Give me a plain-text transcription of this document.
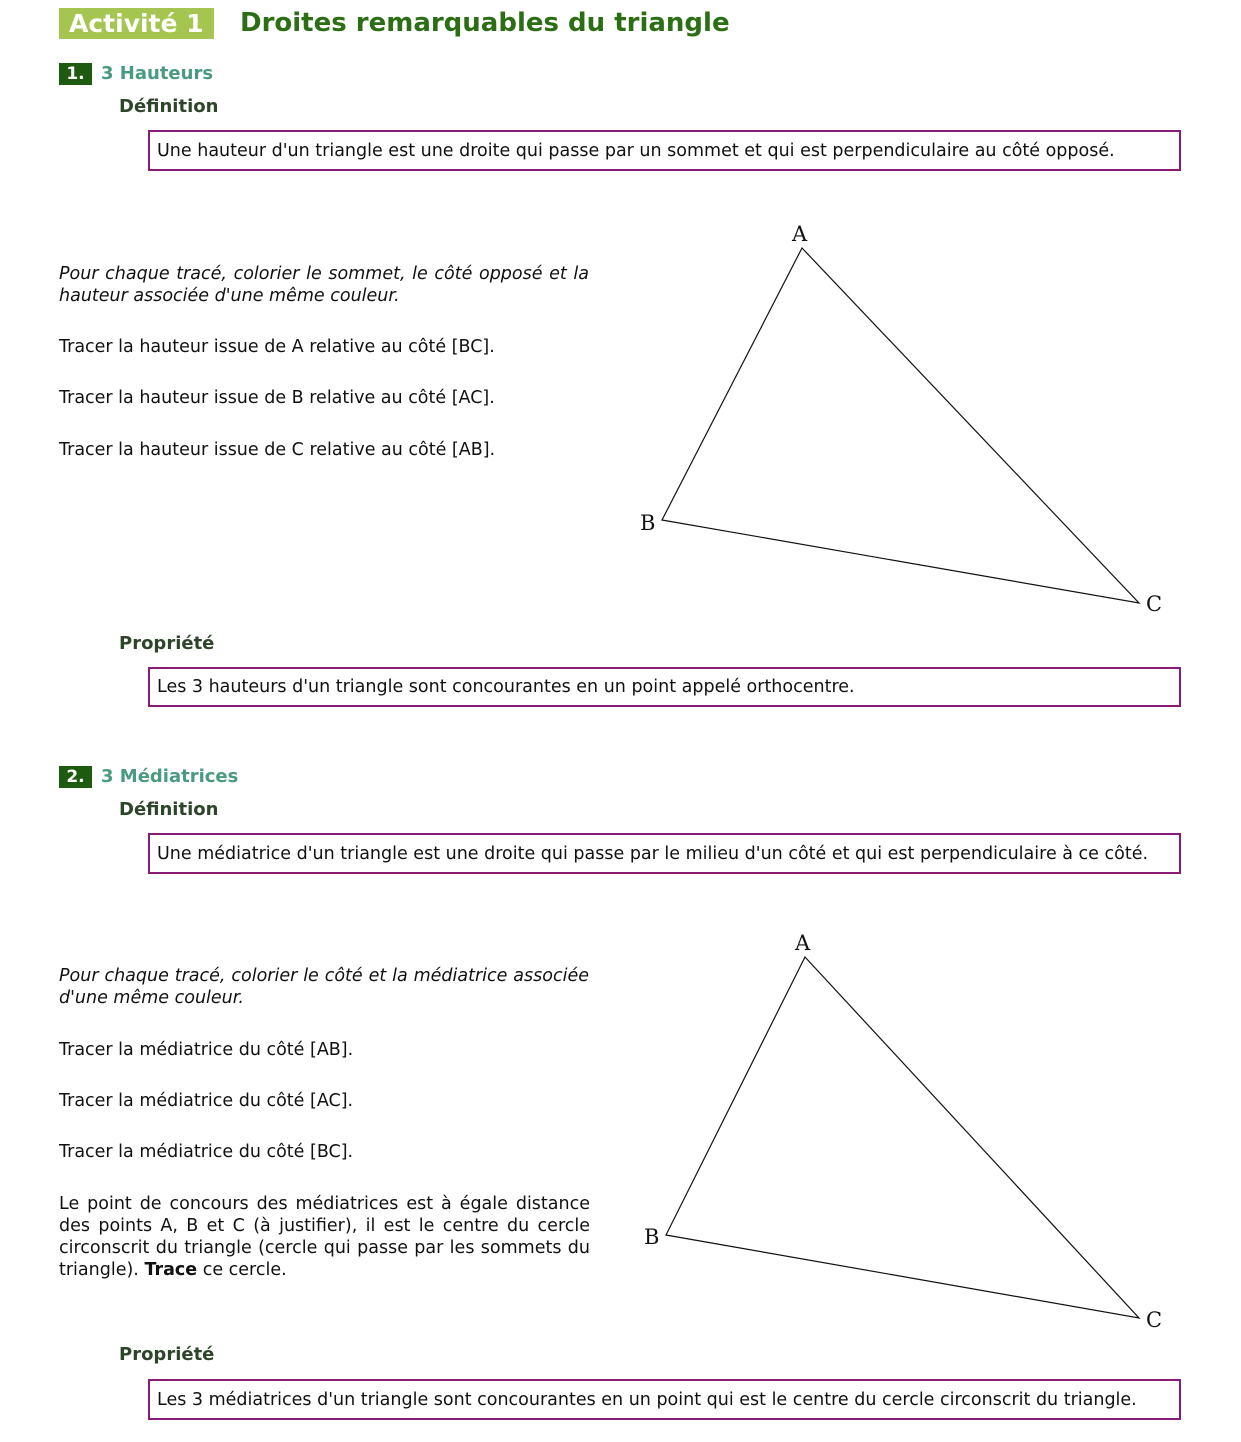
Activité 1	Droites remarquables du triangle
1. 3 Hauteurs
Définition
Une hauteur d'un triangle est une droite qui passe par un sommet et qui est perpendiculaire au côté opposé.
Pour chaque tracé, colorier le sommet, le côté opposé et la hauteur associée d'une même couleur.
Tracer la hauteur issue de A relative au côté [BC].
Tracer la hauteur issue de B relative au côté [AC].
Tracer la hauteur issue de C relative au côté [AB].
Propriété
Les 3 hauteurs d'un triangle sont concourantes en un point appelé orthocentre.
2. 3 Médiatrices
Définition
Une médiatrice d'un triangle est une droite qui passe par le milieu d'un côté et qui est perpendiculaire à ce côté.
Pour chaque tracé, colorier le côté et la médiatrice associée d'une même couleur.
Tracer la médiatrice du côté [AB].
Tracer la médiatrice du côté [AC].
Tracer la médiatrice du côté [BC].
Le point de concours des médiatrices est à égale distance des points A, B et C (à justifier), il est le centre du cercle circonscrit du triangle (cercle qui passe par les sommets du triangle). Trace ce cercle.
Propriété
Les 3 médiatrices d'un triangle sont concourantes en un point qui est le centre du cercle circonscrit du triangle.
A
B
C
A
B
C
